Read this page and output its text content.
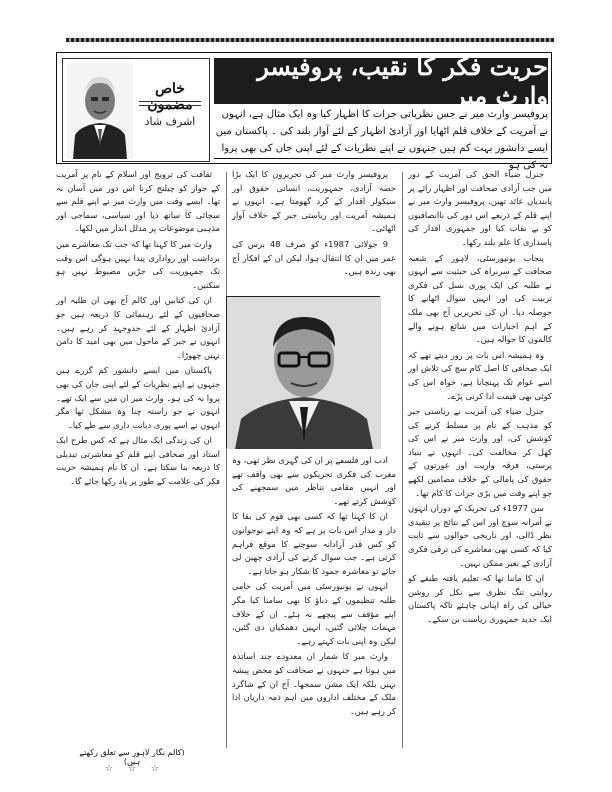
خاص مضمون
اشرف شاد
حریت فکر کا نقیب، پروفیسر وارث میر
پروفیسر وارث میر نے جس نظریاتی جرات کا اظہار کیا وہ ایک مثال ہے، انہوں نے آمریت کے خلاف قلم اٹھایا اور آزادیٔ اظہار کے لئے آواز بلند کی ۔ پاکستان میں ایسے دانشور بہت کم ہیں جنہوں نے اپنے نظریات کے لئے اپنی جان کی بھی پروا نہ کی ہو

جنرل ضیاء الحق کی آمریت کے دور میں جب آزادی صحافت اور اظہار رائے پر پابندیاں عائد تھیں، پروفیسر وارث میر نے اپنے قلم کے ذریعے اس دور کی ناانصافیوں کو بے نقاب کیا اور جمہوری اقدار کی پاسداری کا علم بلند رکھا۔

پنجاب یونیورسٹی، لاہور کے شعبہ صحافت کے سربراہ کی حیثیت سے انہوں نے طلبہ کی ایک پوری نسل کی فکری تربیت کی اور انہیں سوال اٹھانے کا حوصلہ دیا۔ ان کی تحریریں آج بھی ملک کے اہم اخبارات میں شائع ہونے والے کالموں کا حوالہ ہیں۔

وہ ہمیشہ اس بات پر زور دیتے تھے کہ ایک صحافی کا اصل کام سچ کی تلاش اور اسے عوام تک پہنچانا ہے، خواہ اس کی کوئی بھی قیمت ادا کرنی پڑے۔

جنرل ضیاء کی آمریت نے ریاستی جبر کو مذہب کے نام پر مسلط کرنے کی کوشش کی، اور وارث میر نے اس کی کھل کر مخالفت کی۔ انہوں نے بنیاد پرستی، فرقہ واریت اور عورتوں کے حقوق کی پامالی کے خلاف مضامین لکھے جو اپنے وقت میں بڑی جرات کا کام تھا۔

سن 1977ء کی تحریک کے دوران انہوں نے آمرانہ سوچ اور اس کے نتائج پر تنقیدی نظر ڈالی، اور تاریخی حوالوں سے ثابت کیا کہ کسی بھی معاشرے کی ترقی فکری آزادی کے بغیر ممکن نہیں۔

ان کا ماننا تھا کہ تعلیم یافتہ طبقے کو روایتی تنگ نظری سے نکل کر روشن خیالی کی راہ اپنانی چاہئے تاکہ پاکستان ایک جدید جمہوری ریاست بن سکے۔

پروفیسر وارث میر کی تحریروں کا ایک بڑا حصہ آزادی، جمہوریت، انسانی حقوق اور سیکولر اقدار کے گرد گھومتا ہے۔ انہوں نے ہمیشہ آمریت اور ریاستی جبر کے خلاف آواز اٹھائی۔

9 جولائی 1987ء کو صرف 48 برس کی عمر میں ان کا انتقال ہوا، لیکن ان کے افکار آج بھی زندہ ہیں۔

ادب اور فلسفے پر ان کی گہری نظر تھی، وہ مغرب کی فکری تحریکوں سے بھی واقف تھے اور انہیں مقامی تناظر میں سمجھنے کی کوشش کرتے تھے۔

ان کا کہنا تھا کہ کسی بھی قوم کی بقا کا دار و مدار اس بات پر ہے کہ وہ اپنے نوجوانوں کو کس قدر آزادانہ سوچنے کا موقع فراہم کرتی ہے۔ جب سوال کرنے کی آزادی چھین لی جائے تو معاشرہ جمود کا شکار ہو جاتا ہے۔

انہوں نے یونیورسٹی میں آمریت کی حامی طلبہ تنظیموں کے دباؤ کا بھی سامنا کیا مگر اپنے مؤقف سے پیچھے نہ ہٹے۔ ان کے خلاف مہمات چلائی گئیں، انہیں دھمکیاں دی گئیں، لیکن وہ اپنی بات کہتے رہے۔

وارث میر کا شمار ان معدودے چند اساتذہ میں ہوتا ہے جنہوں نے صحافت کو محض پیشہ نہیں بلکہ ایک مشن سمجھا۔ آج ان کے شاگرد ملک کے مختلف اداروں میں اہم ذمہ داریاں ادا کر رہے ہیں۔

ثقافت کی ترویج اور اسلام کے نام پر آمریت کے جواز کو چیلنج کرنا اس دور میں آسان نہ تھا۔ ایسے وقت میں وارث میر نے اپنے قلم سے سچائی کا ساتھ دیا اور سیاسی، سماجی اور مذہبی موضوعات پر مدلل انداز میں لکھا۔

وارث میر کا کہنا تھا کہ جب تک معاشرے میں برداشت اور رواداری پیدا نہیں ہوگی اس وقت تک جمہوریت کی جڑیں مضبوط نہیں ہو سکتیں۔

ان کی کتابیں اور کالم آج بھی ان طلبہ اور صحافیوں کے لئے رہنمائی کا ذریعہ ہیں جو آزادیٔ اظہار کے لئے جدوجہد کر رہے ہیں۔ انہوں نے جبر کے ماحول میں بھی امید کا دامن نہیں چھوڑا۔

پاکستان میں ایسے دانشور کم گزرے ہیں جنہوں نے اپنے نظریات کے لئے اپنی جان کی بھی پروا نہ کی ہو۔ وارث میر ان میں سے ایک تھے۔ انہوں نے جو راستہ چنا وہ مشکل تھا مگر انہوں نے اسے پوری دیانت داری سے طے کیا۔

ان کی زندگی ایک مثال ہے کہ کس طرح ایک استاد اور صحافی اپنے قلم کو معاشرتی تبدیلی کا ذریعہ بنا سکتا ہے۔ ان کا نام ہمیشہ حریت فکر کی علامت کے طور پر یاد رکھا جائے گا۔

(کالم نگار لاہور سے تعلق رکھتے ہیں)
☆ ☆ ☆
